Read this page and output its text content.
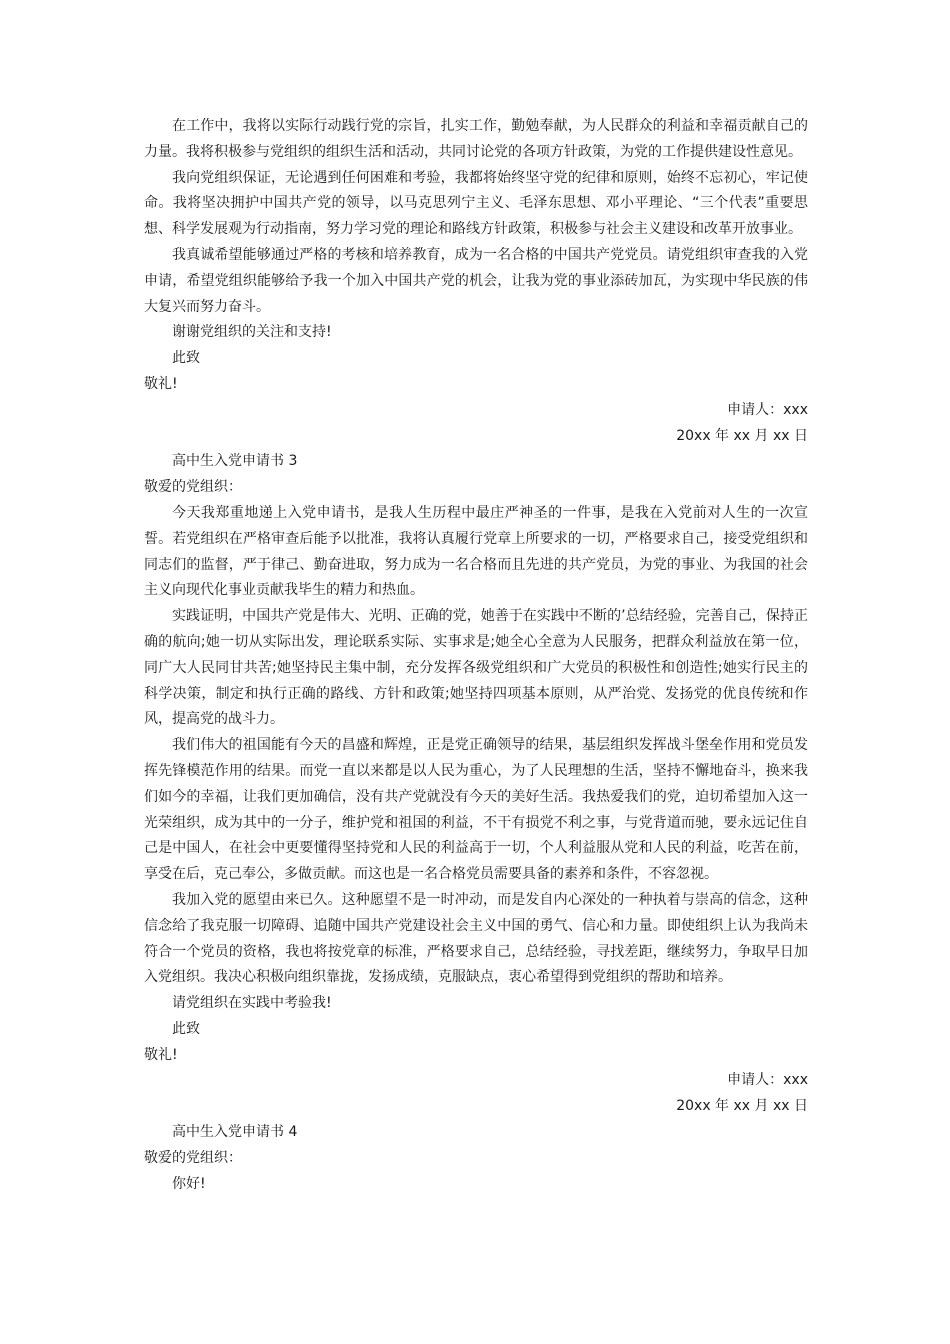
在工作中，我将以实际行动践行党的宗旨，扎实工作，勤勉奉献，为人民群众的利益和幸福贡献自己的力量。我将积极参与党组织的组织生活和活动，共同讨论党的各项方针政策，为党的工作提供建设性意见。

我向党组织保证，无论遇到任何困难和考验，我都将始终坚守党的纪律和原则，始终不忘初心，牢记使命。我将坚决拥护中国共产党的领导，以马克思列宁主义、毛泽东思想、邓小平理论、“三个代表”重要思想、科学发展观为行动指南，努力学习党的理论和路线方针政策，积极参与社会主义建设和改革开放事业。

我真诚希望能够通过严格的考核和培养教育，成为一名合格的中国共产党党员。请党组织审查我的入党申请，希望党组织能够给予我一个加入中国共产党的机会，让我为党的事业添砖加瓦，为实现中华民族的伟大复兴而努力奋斗。

谢谢党组织的关注和支持!

此致

敬礼!

申请人：xxx

20xx 年 xx 月 xx 日

高中生入党申请书 3

敬爱的党组织：

今天我郑重地递上入党申请书，是我人生历程中最庄严神圣的一件事，是我在入党前对人生的一次宣誓。若党组织在严格审查后能予以批准，我将认真履行党章上所要求的一切，严格要求自己，接受党组织和同志们的监督，严于律己、勤奋进取，努力成为一名合格而且先进的共产党员，为党的事业、为我国的社会主义向现代化事业贡献我毕生的精力和热血。

实践证明，中国共产党是伟大、光明、正确的党，她善于在实践中不断的’总结经验，完善自己，保持正确的航向;她一切从实际出发，理论联系实际、实事求是;她全心全意为人民服务，把群众利益放在第一位，同广大人民同甘共苦;她坚持民主集中制，充分发挥各级党组织和广大党员的积极性和创造性;她实行民主的科学决策，制定和执行正确的路线、方针和政策;她坚持四项基本原则，从严治党、发扬党的优良传统和作风，提高党的战斗力。

我们伟大的祖国能有今天的昌盛和辉煌，正是党正确领导的结果，基层组织发挥战斗堡垒作用和党员发挥先锋模范作用的结果。而党一直以来都是以人民为重心，为了人民理想的生活，坚持不懈地奋斗，换来我们如今的幸福，让我们更加确信，没有共产党就没有今天的美好生活。我热爱我们的党，迫切希望加入这一光荣组织，成为其中的一分子，维护党和祖国的利益，不干有损党不利之事，与党背道而驰，要永远记住自己是中国人，在社会中更要懂得坚持党和人民的利益高于一切，个人利益服从党和人民的利益，吃苦在前，享受在后，克己奉公，多做贡献。而这也是一名合格党员需要具备的素养和条件，不容忽视。

我加入党的愿望由来已久。这种愿望不是一时冲动，而是发自内心深处的一种执着与崇高的信念，这种信念给了我克服一切障碍、追随中国共产党建设社会主义中国的勇气、信心和力量。即使组织上认为我尚未符合一个党员的资格，我也将按党章的标准，严格要求自己，总结经验，寻找差距，继续努力，争取早日加入党组织。我决心积极向组织靠拢，发扬成绩，克服缺点，衷心希望得到党组织的帮助和培养。

请党组织在实践中考验我!

此致

敬礼!

申请人：xxx

20xx 年 xx 月 xx 日

高中生入党申请书 4

敬爱的党组织：

你好!
